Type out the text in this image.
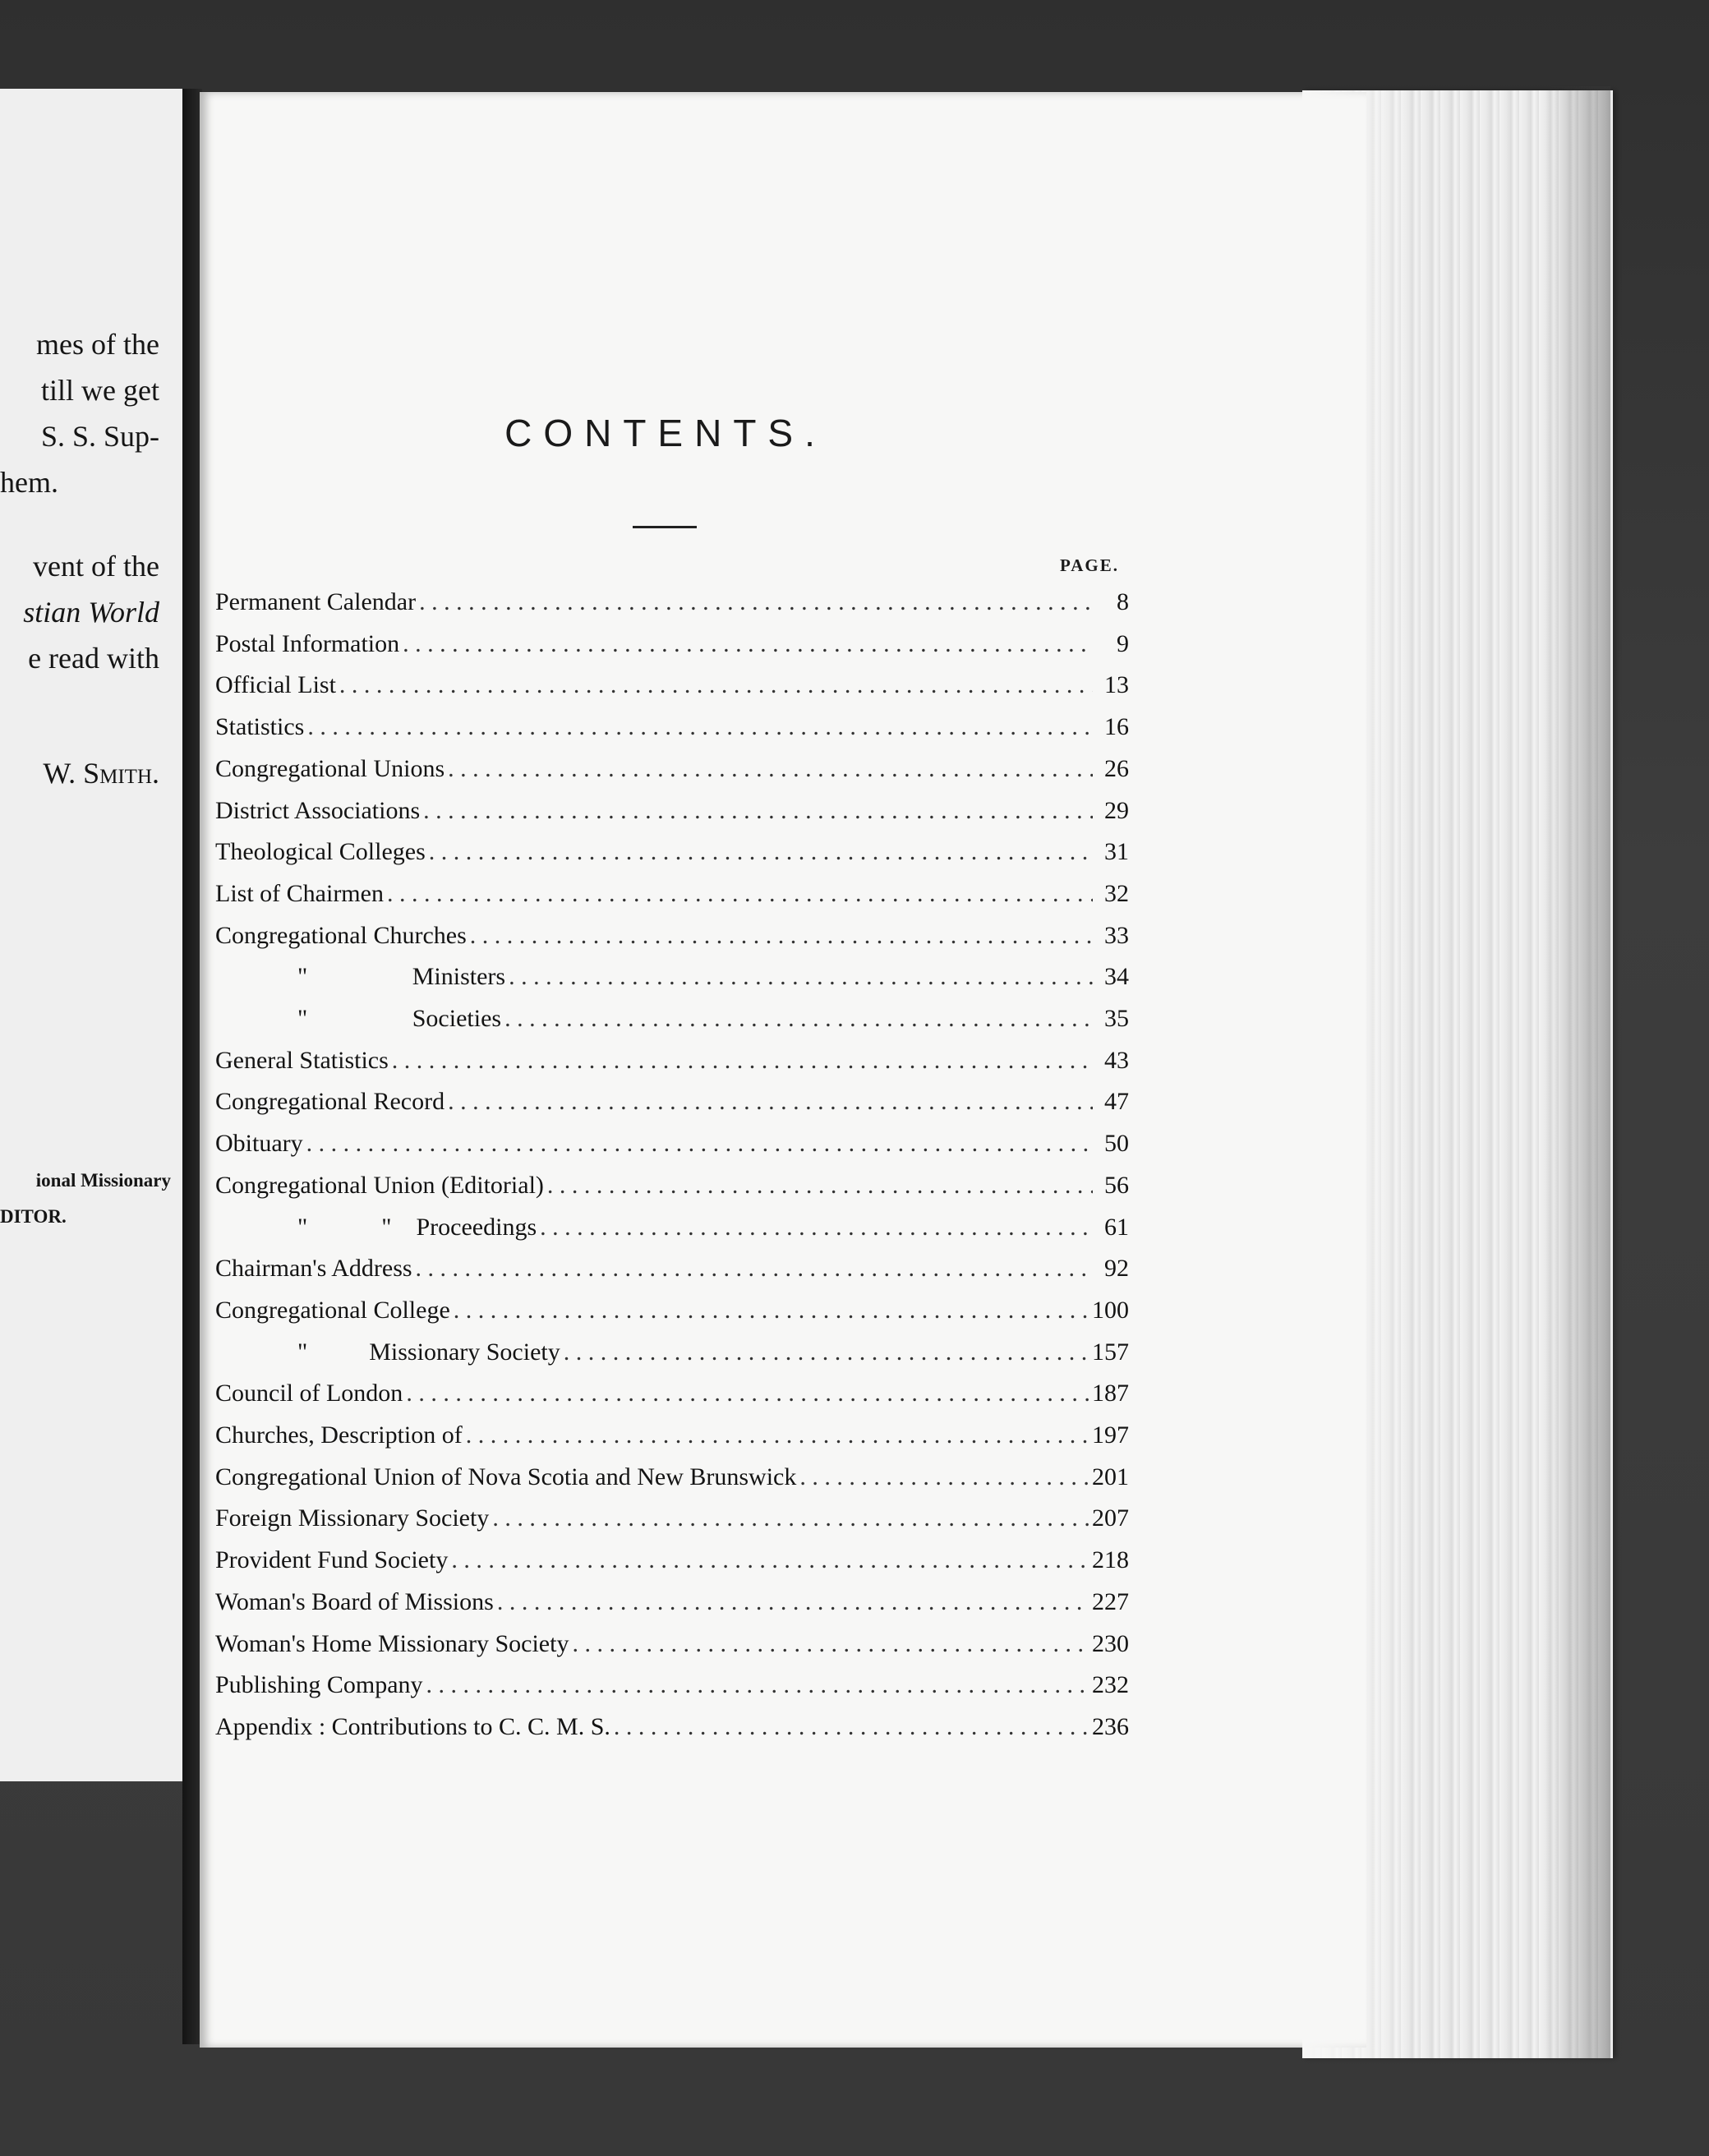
mes of the
till we get
S. S. Sup-
hem.
vent of the
stian World
e read with
W. Smith.
ional Missionary
DITOR.
CONTENTS.
PAGE.
Permanent Calendar . . .	8
Postal Information . . .	9
Official List . . .	13
Statistics . . .	16
Congregational Unions . . .	26
District Associations . . .	29
Theological Colleges . . .	31
List of Chairmen . . .	32
Congregational Churches . . .	33
"                 Ministers . . .	34
"                 Societies . . .	35
General Statistics . . .	43
Congregational Record . . .	47
Obituary . . .	50
Congregational Union (Editorial) . . .	56
"            "    Proceedings . . .	61
Chairman's Address . . .	92
Congregational College . . .	100
"          Missionary Society . . .	157
Council of London . . .	187
Churches, Description of . . .	197
Congregational Union of Nova Scotia and New Brunswick . . .	201
Foreign Missionary Society . . .	207
Provident Fund Society . . .	218
Woman's Board of Missions . . .	227
Woman's Home Missionary Society . . .	230
Publishing Company . . .	232
Appendix : Contributions to C. C. M. S. . . .	236
